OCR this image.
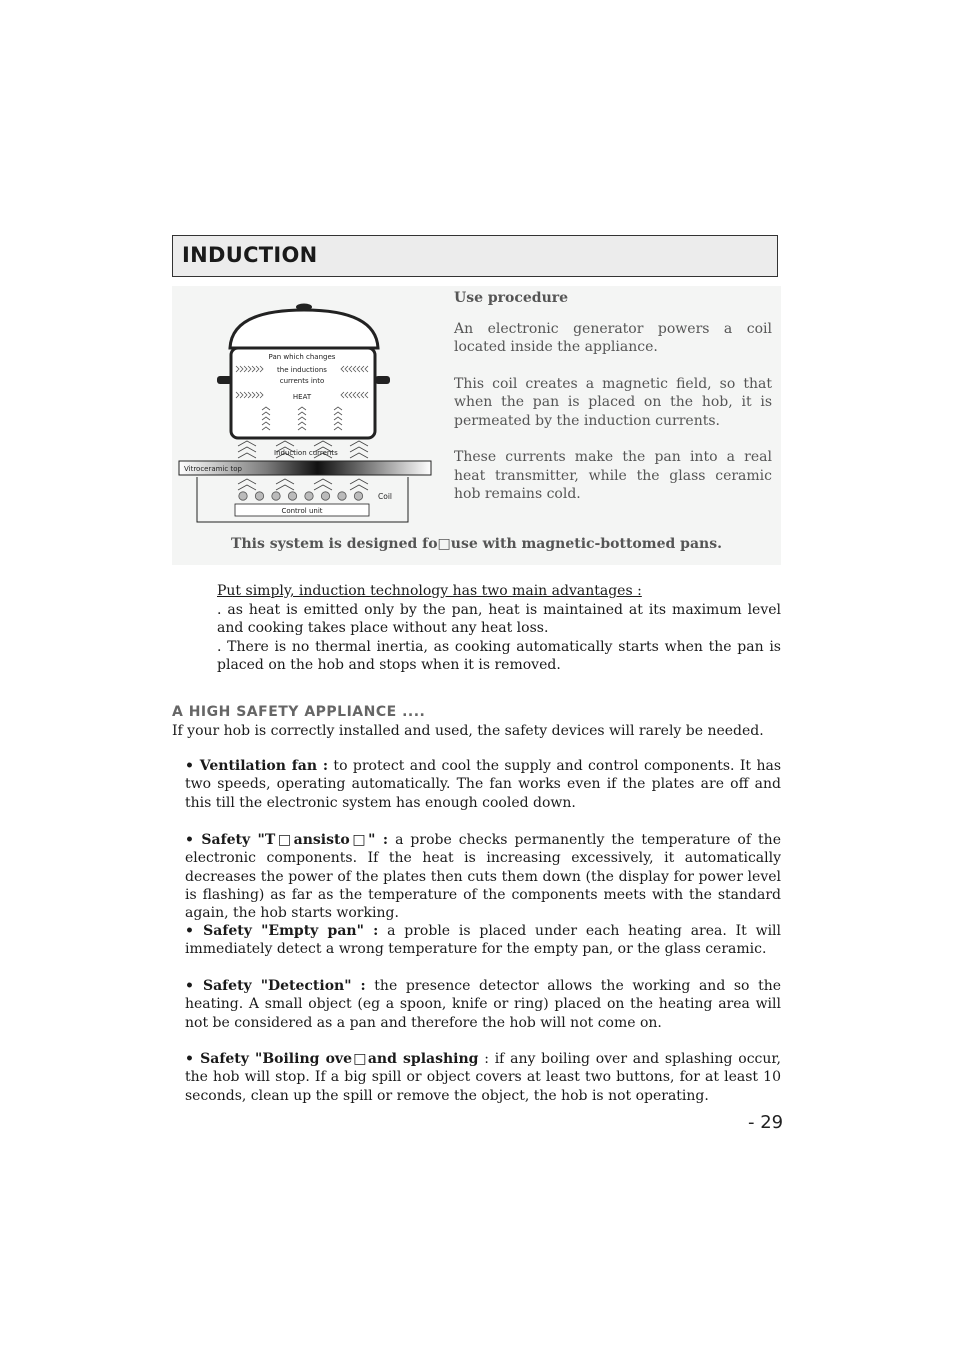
INDUCTION
Pan which changes
the inductions
currents into
HEAT
Induction currents
Vitroceramic top
Coil
Control unit
Use procedure

An electronic generator powers a coil located inside the appliance.

This coil creates a magnetic field, so that when the pan is placed on the hob, it is permeated by the induction currents.

These currents make the pan into a real heat transmitter, while the glass ceramic hob remains cold.

This system is designed fo□use with magnetic-bottomed pans.
Put simply, induction technology has two main advantages :
. as heat is emitted only by the pan, heat is maintained at its maximum level and cooking takes place without any heat loss.
. There is no thermal inertia, as cooking automatically starts when the pan is placed on the hob and stops when it is removed.
A HIGH SAFETY APPLIANCE ....
If your hob is correctly installed and used, the safety devices will rarely be needed.
• Ventilation fan : to protect and cool the supply and control components. It has two speeds, operating automatically. The fan works even if the plates are off and this till the electronic system has enough cooled down.
• Safety "T□ansisto□" : a probe checks permanently the temperature of the electronic components. If the heat is increasing excessively, it automatically decreases the power of the plates then cuts them down (the display for power level is flashing) as far as the temperature of the components meets with the standard again, the hob starts working.
• Safety "Empty pan" : a proble is placed under each heating area. It will immediately detect a wrong temperature for the empty pan, or the glass ceramic.
• Safety "Detection" : the presence detector allows the working and so the heating. A small object (eg a spoon, knife or ring) placed on the heating area will not be considered as a pan and therefore the hob will not come on.
• Safety "Boiling ove□and splashing : if any boiling over and splashing occur, the hob will stop. If a big spill or object covers at least two buttons, for at least 10 seconds, clean up the spill or remove the object, the hob is not operating.
- 29
